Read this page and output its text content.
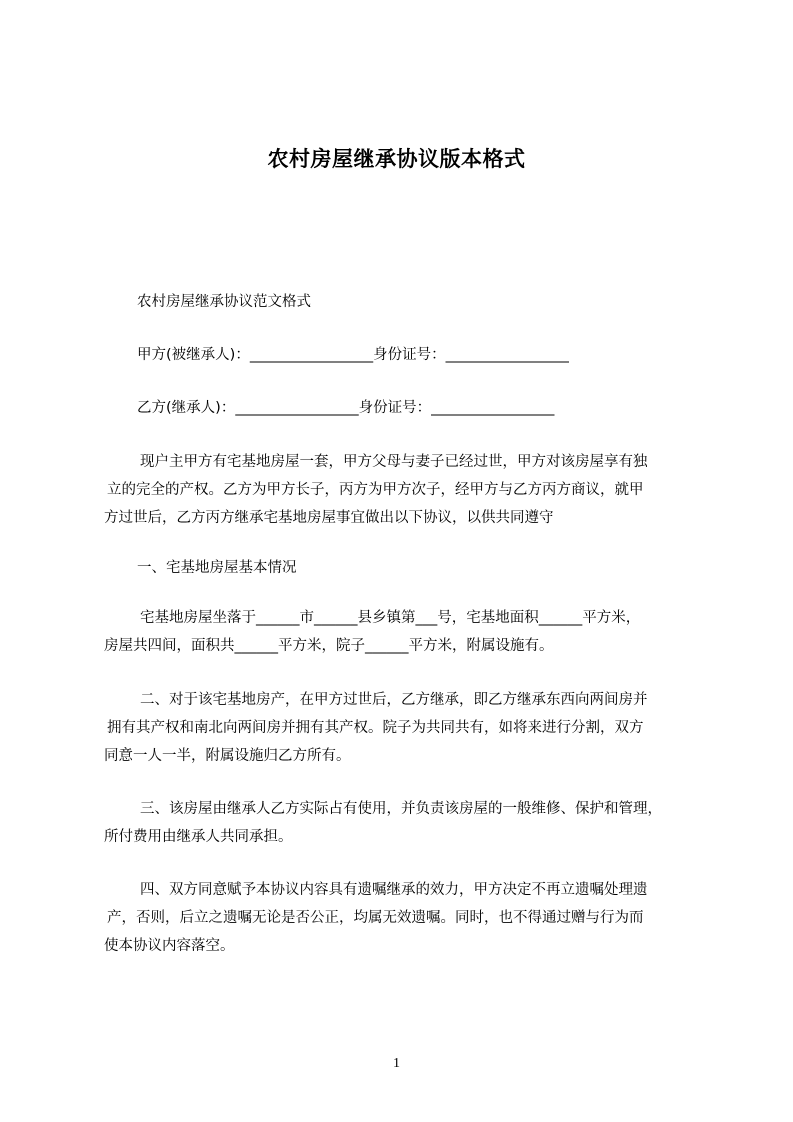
农村房屋继承协议版本格式
农村房屋继承协议范文格式
甲方(被继承人)：_________________身份证号：_________________
乙方(继承人)：_________________身份证号：_________________
现户主甲方有宅基地房屋一套，甲方父母与妻子已经过世，甲方对该房屋享有独
立的完全的产权。乙方为甲方长子，丙方为甲方次子，经甲方与乙方丙方商议，就甲
方过世后，乙方丙方继承宅基地房屋事宜做出以下协议，以供共同遵守
一、宅基地房屋基本情况
宅基地房屋坐落于______市______县乡镇第___号，宅基地面积______平方米，
房屋共四间，面积共______平方米，院子______平方米，附属设施有。
二、对于该宅基地房产，在甲方过世后，乙方继承，即乙方继承东西向两间房并
拥有其产权和南北向两间房并拥有其产权。院子为共同共有，如将来进行分割，双方
同意一人一半，附属设施归乙方所有。
三、该房屋由继承人乙方实际占有使用，并负责该房屋的一般维修、保护和管理，
所付费用由继承人共同承担。
四、双方同意赋予本协议内容具有遗嘱继承的效力，甲方决定不再立遗嘱处理遗
产，否则，后立之遗嘱无论是否公正，均属无效遗嘱。同时，也不得通过赠与行为而
使本协议内容落空。
1
